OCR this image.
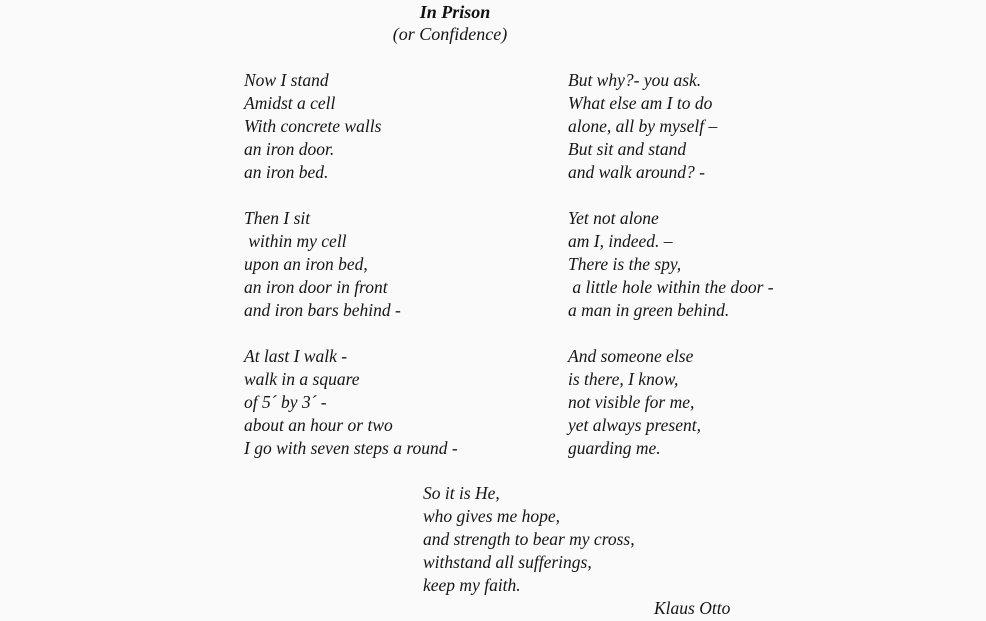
In Prison
(or Confidence)
Now I stand
Amidst a cell
With concrete walls
an iron door.
an iron bed.
Then I sit
within my cell
upon an iron bed,
an iron door in front
and iron bars behind -
At last I walk -
walk in a square
of 5´ by 3´ -
about an hour or two
I go with seven steps a round -
But why?- you ask.
What else am I to do
alone, all by myself –
But sit and stand
and walk around? -
Yet not alone
am I, indeed. –
There is the spy,
a little hole within the door -
a man in green behind.
And someone else
is there, I know,
not visible for me,
yet always present,
guarding me.
So it is He,
who gives me hope,
and strength to bear my cross,
withstand all sufferings,
keep my faith.
Klaus Otto
